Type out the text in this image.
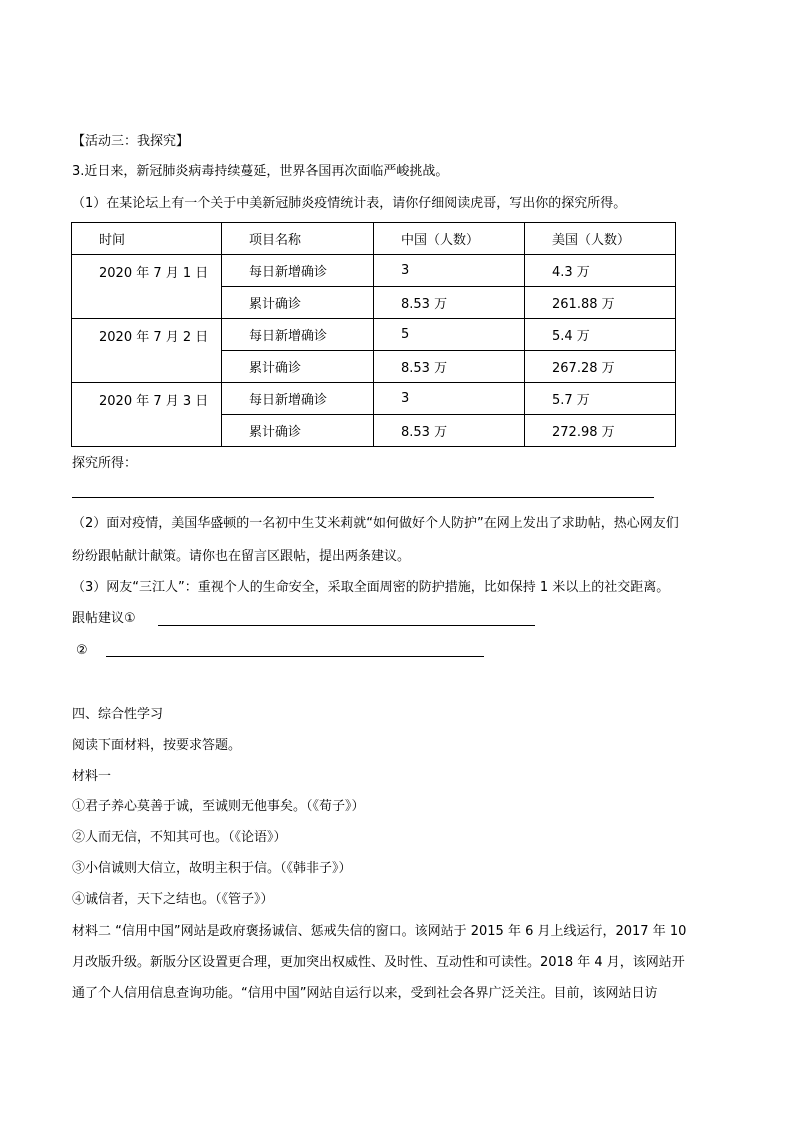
【活动三：我探究】
3.近日来，新冠肺炎病毒持续蔓延，世界各国再次面临严峻挑战。
（1）在某论坛上有一个关于中美新冠肺炎疫情统计表，请你仔细阅读虎哥，写出你的探究所得。
时间	项目名称	中国（人数）	美国（人数）
2020 年 7 月 1 日	每日新增确诊	3	4.3 万
	累计确诊	8.53 万	261.88 万
2020 年 7 月 2 日	每日新增确诊	5	5.4 万
	累计确诊	8.53 万	267.28 万
2020 年 7 月 3 日	每日新增确诊	3	5.7 万
	累计确诊	8.53 万	272.98 万
探究所得：
（2）面对疫情，美国华盛顿的一名初中生艾米莉就“如何做好个人防护”在网上发出了求助帖，热心网友们
纷纷跟帖献计献策。请你也在留言区跟帖，提出两条建议。
（3）网友“三江人”：重视个人的生命安全，采取全面周密的防护措施，比如保持 1 米以上的社交距离。
跟帖建议①
②
四、综合性学习
阅读下面材料，按要求答题。
材料一
①君子养心莫善于诚，至诚则无他事矣。（《荀子》）
②人而无信，不知其可也。（《论语》）
③小信诚则大信立，故明主积于信。（《韩非子》）
④诚信者，天下之结也。（《管子》）
材料二 “信用中国”网站是政府褒扬诚信、惩戒失信的窗口。该网站于 2015 年 6 月上线运行，2017 年 10
月改版升级。新版分区设置更合理，更加突出权威性、及时性、互动性和可读性。2018 年 4 月，该网站开
通了个人信用信息查询功能。“信用中国”网站自运行以来，受到社会各界广泛关注。目前，该网站日访
